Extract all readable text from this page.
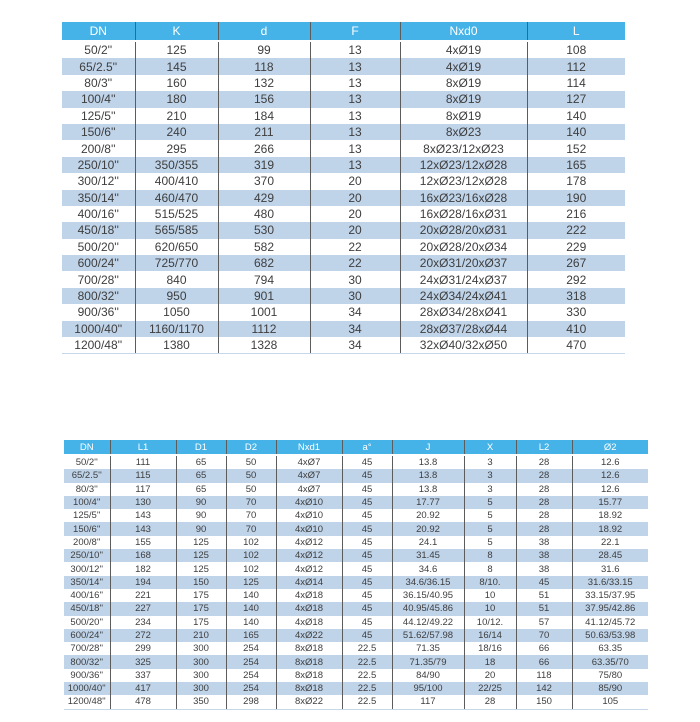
DN	K	d	F	Nxd0	L
50/2''	125	99	13	4xØ19	108
65/2.5''	145	118	13	4xØ19	112
80/3''	160	132	13	8xØ19	114
100/4''	180	156	13	8xØ19	127
125/5''	210	184	13	8xØ19	140
150/6''	240	211	13	8xØ23	140
200/8''	295	266	13	8xØ23/12xØ23	152
250/10''	350/355	319	13	12xØ23/12xØ28	165
300/12''	400/410	370	20	12xØ23/12xØ28	178
350/14''	460/470	429	20	16xØ23/16xØ28	190
400/16''	515/525	480	20	16xØ28/16xØ31	216
450/18''	565/585	530	20	20xØ28/20xØ31	222
500/20''	620/650	582	22	20xØ28/20xØ34	229
600/24''	725/770	682	22	20xØ31/20xØ37	267
700/28''	840	794	30	24xØ31/24xØ37	292
800/32''	950	901	30	24xØ34/24xØ41	318
900/36''	1050	1001	34	28xØ34/28xØ41	330
1000/40''	1160/1170	1112	34	28xØ37/28xØ44	410
1200/48''	1380	1328	34	32xØ40/32xØ50	470
DN	L1	D1	D2	Nxd1	a°	J	X	L2	Ø2
50/2''	111	65	50	4xØ7	45	13.8	3	28	12.6
65/2.5''	115	65	50	4xØ7	45	13.8	3	28	12.6
80/3''	117	65	50	4xØ7	45	13.8	3	28	12.6
100/4''	130	90	70	4xØ10	45	17.77	5	28	15.77
125/5''	143	90	70	4xØ10	45	20.92	5	28	18.92
150/6''	143	90	70	4xØ10	45	20.92	5	28	18.92
200/8''	155	125	102	4xØ12	45	24.1	5	38	22.1
250/10''	168	125	102	4xØ12	45	31.45	8	38	28.45
300/12''	182	125	102	4xØ12	45	34.6	8	38	31.6
350/14''	194	150	125	4xØ14	45	34.6/36.15	8/10.	45	31.6/33.15
400/16''	221	175	140	4xØ18	45	36.15/40.95	10	51	33.15/37.95
450/18''	227	175	140	4xØ18	45	40.95/45.86	10	51	37.95/42.86
500/20''	234	175	140	4xØ18	45	44.12/49.22	10/12.	57	41.12/45.72
600/24''	272	210	165	4xØ22	45	51.62/57.98	16/14	70	50.63/53.98
700/28''	299	300	254	8xØ18	22.5	71.35	18/16	66	63.35
800/32''	325	300	254	8xØ18	22.5	71.35/79	18	66	63.35/70
900/36''	337	300	254	8xØ18	22.5	84/90	20	118	75/80
1000/40''	417	300	254	8xØ18	22.5	95/100	22/25	142	85/90
1200/48''	478	350	298	8xØ22	22.5	117	28	150	105
